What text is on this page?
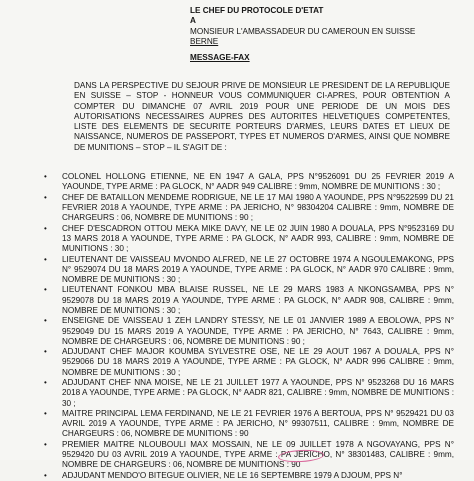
LE CHEF DU PROTOCOLE D'ETAT
A
MONSIEUR L'AMBASSADEUR DU CAMEROUN EN SUISSE
BERNE
MESSAGE-FAX
DANS LA PERSPECTIVE DU SEJOUR PRIVE DE MONSIEUR LE PRESIDENT DE LA REPUBLIQUE EN SUISSE – STOP - HONNEUR VOUS COMMUNIQUER CI-APRES, POUR OBTENTION A COMPTER DU DIMANCHE 07 AVRIL 2019 POUR UNE PERIODE DE UN MOIS DES AUTORISATIONS NECESSAIRES AUPRES DES AUTORITES HELVETIQUES COMPETENTES, LISTE DES ELEMENTS DE SECURITE PORTEURS D'ARMES, LEURS DATES ET LIEUX DE NAISSANCE, NUMEROS DE PASSEPORT, TYPES ET NUMEROS D'ARMES, AINSI QUE NOMBRE DE MUNITIONS – STOP – IL S'AGIT DE :
• COLONEL HOLLONG ETIENNE, NE EN 1947 A GALA, PPS N°9526091 DU 25 FEVRIER 2019 A YAOUNDE, TYPE ARME : PA GLOCK, N° AADR 949 CALIBRE : 9mm, NOMBRE DE MUNITIONS : 30 ;
• CHEF DE BATAILLON MENDEME RODRIGUE, NE LE 17 MAI 1980 A YAOUNDE, PPS N°9522599 DU 21 FEVRIER 2018 A YAOUNDE, TYPE ARME : PA JERICHO, N° 98304204 CALIBRE : 9mm, NOMBRE DE CHARGEURS : 06, NOMBRE DE MUNITIONS : 90 ;
• CHEF D'ESCADRON OTTOU MEKA MIKE DAVY, NE LE 02 JUIN 1980 A DOUALA, PPS N°9523169 DU 13 MARS 2018 A YAOUNDE, TYPE ARME : PA GLOCK, N° AADR 993, CALIBRE : 9mm, NOMBRE DE MUNITIONS : 30 ;
• LIEUTENANT DE VAISSEAU MVONDO ALFRED, NE LE 27 OCTOBRE 1974 A NGOULEMAKONG, PPS N° 9529074 DU 18 MARS 2019 A YAOUNDE, TYPE ARME : PA GLOCK, N° AADR 970 CALIBRE : 9mm, NOMBRE DE MUNITIONS : 30 ;
• LIEUTENANT FONKOU MBA BLAISE RUSSEL, NE LE 29 MARS 1983 A NKONGSAMBA, PPS N° 9529078 DU 18 MARS 2019 A YAOUNDE, TYPE ARME : PA GLOCK, N° AADR 908, CALIBRE : 9mm, NOMBRE DE MUNITIONS : 30 ;
• ENSEIGNE DE VAISSEAU 1 ZEH LANDRY STESSY, NE LE 01 JANVIER 1989 A EBOLOWA, PPS N° 9529049 DU 15 MARS 2019 A YAOUNDE, TYPE ARME : PA JERICHO, N° 7643, CALIBRE : 9mm, NOMBRE DE CHARGEURS : 06, NOMBRE DE MUNITIONS : 90 ;
• ADJUDANT CHEF MAJOR KOUMBA SYLVESTRE OSE, NE LE 29 AOUT 1967 A DOUALA, PPS N° 9529066 DU 18 MARS 2019 A YAOUNDE, TYPE ARME : PA GLOCK, N° AADR 996 CALIBRE : 9mm, NOMBRE DE MUNITIONS : 30 ;
• ADJUDANT CHEF NNA MOISE, NE LE 21 JUILLET 1977 A YAOUNDE, PPS N° 9523268 DU 16 MARS 2018 A YAOUNDE, TYPE ARME : PA GLOCK, N° AADR 821, CALIBRE : 9mm, NOMBRE DE MUNITIONS : 30 ;
• MAITRE PRINCIPAL LEMA FERDINAND, NE LE 21 FEVRIER 1976 A BERTOUA, PPS N° 9529421 DU 03 AVRIL 2019 A YAOUNDE, TYPE ARME : PA JERICHO, N° 99307511, CALIBRE : 9mm, NOMBRE DE CHARGEURS : 06, NOMBRE DE MUNITIONS : 90
• PREMIER MAITRE NLOUBOULI MAX MOSSAIN, NE LE 09 JUILLET 1978 A NGOVAYANG, PPS N° 9529420 DU 03 AVRIL 2019 A YAOUNDE, TYPE ARME : PA JERICHO, N° 38301483, CALIBRE : 9mm, NOMBRE DE CHARGEURS : 06, NOMBRE DE MUNITIONS : 90
• ADJUDANT MENDO'O BITEGUE OLIVIER, NE LE 16 SEPTEMBRE 1979 A DJOUM, PPS N°
